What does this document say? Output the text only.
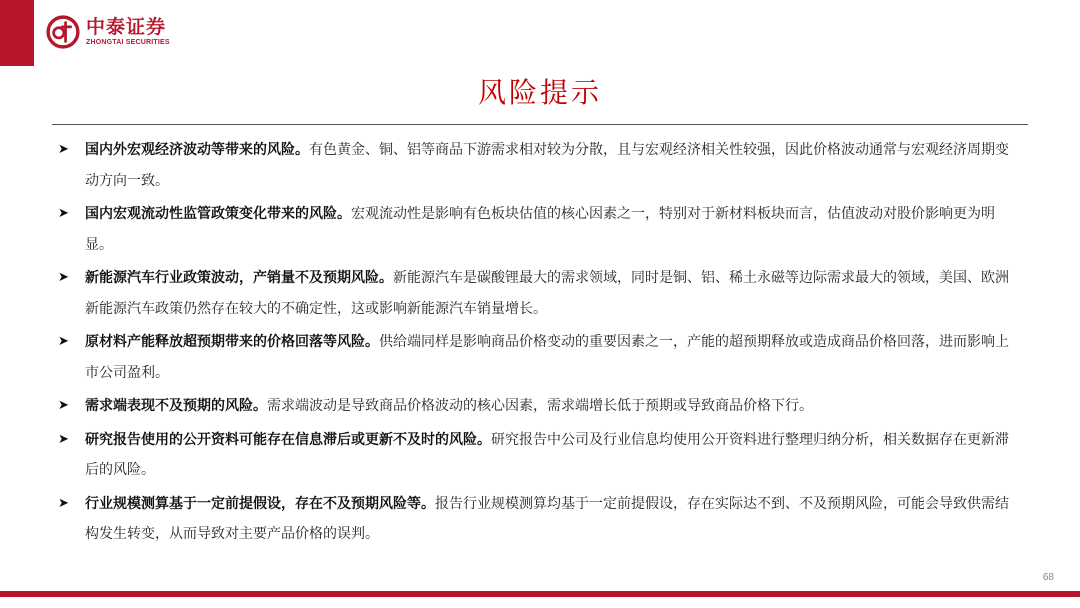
中泰证券
ZHONGTAI SECURITIES
风险提示
➤ 国内外宏观经济波动等带来的风险。有色黄金、铜、铝等商品下游需求相对较为分散，且与宏观经济相关性较强，因此价格波动通常与宏观经济周期变动方向一致。
➤ 国内宏观流动性监管政策变化带来的风险。宏观流动性是影响有色板块估值的核心因素之一，特别对于新材料板块而言，估值波动对股价影响更为明显。
➤ 新能源汽车行业政策波动，产销量不及预期风险。新能源汽车是碳酸锂最大的需求领域，同时是铜、铝、稀土永磁等边际需求最大的领域，美国、欧洲新能源汽车政策仍然存在较大的不确定性，这或影响新能源汽车销量增长。
➤ 原材料产能释放超预期带来的价格回落等风险。供给端同样是影响商品价格变动的重要因素之一，产能的超预期释放或造成商品价格回落，进而影响上市公司盈利。
➤ 需求端表现不及预期的风险。需求端波动是导致商品价格波动的核心因素，需求端增长低于预期或导致商品价格下行。
➤ 研究报告使用的公开资料可能存在信息滞后或更新不及时的风险。研究报告中公司及行业信息均使用公开资料进行整理归纳分析，相关数据存在更新滞后的风险。
➤ 行业规模测算基于一定前提假设，存在不及预期风险等。报告行业规模测算均基于一定前提假设，存在实际达不到、不及预期风险，可能会导致供需结构发生转变，从而导致对主要产品价格的误判。
68
